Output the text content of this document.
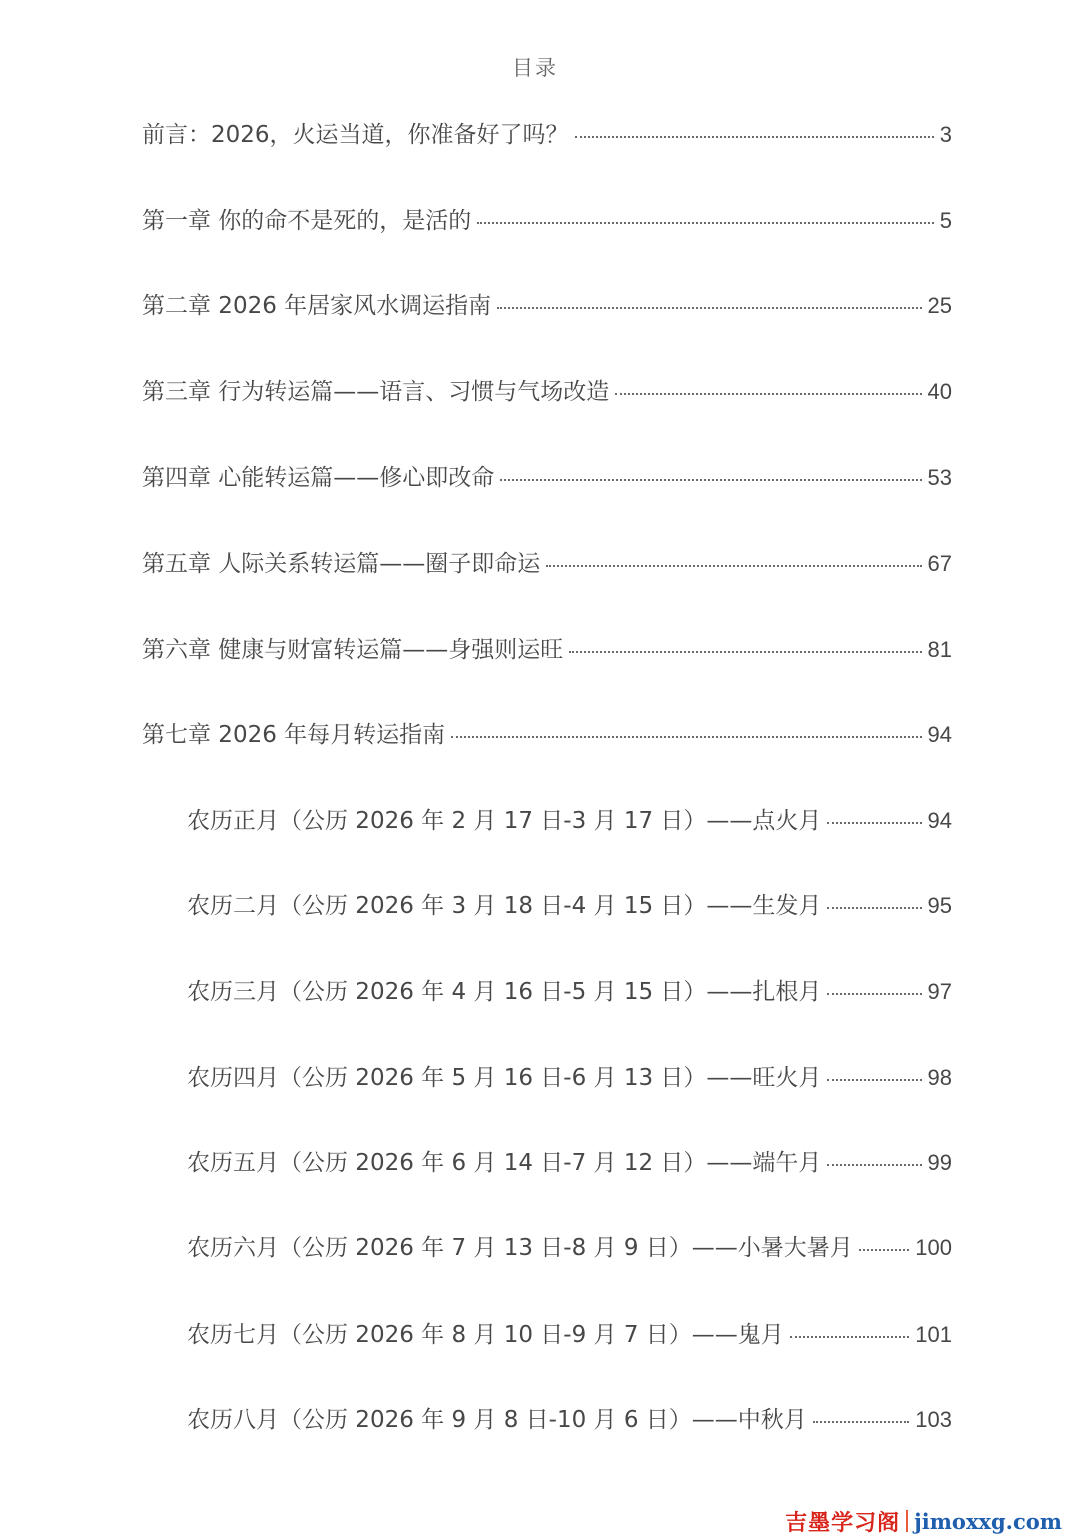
目录
前言：2026，火运当道，你准备好了吗？	3
第一章 你的命不是死的，是活的	5
第二章 2026 年居家风水调运指南	25
第三章 行为转运篇——语言、习惯与气场改造	40
第四章 心能转运篇——修心即改命	53
第五章 人际关系转运篇——圈子即命运	67
第六章 健康与财富转运篇——身强则运旺	81
第七章 2026 年每月转运指南	94
农历正月（公历 2026 年 2 月 17 日-3 月 17 日）——点火月	94
农历二月（公历 2026 年 3 月 18 日-4 月 15 日）——生发月	95
农历三月（公历 2026 年 4 月 16 日-5 月 15 日）——扎根月	97
农历四月（公历 2026 年 5 月 16 日-6 月 13 日）——旺火月	98
农历五月（公历 2026 年 6 月 14 日-7 月 12 日）——端午月	99
农历六月（公历 2026 年 7 月 13 日-8 月 9 日）——小暑大暑月	100
农历七月（公历 2026 年 8 月 10 日-9 月 7 日）——鬼月	101
农历八月（公历 2026 年 9 月 8 日-10 月 6 日）——中秋月	103
吉墨学习阁 jimoxxg.com
